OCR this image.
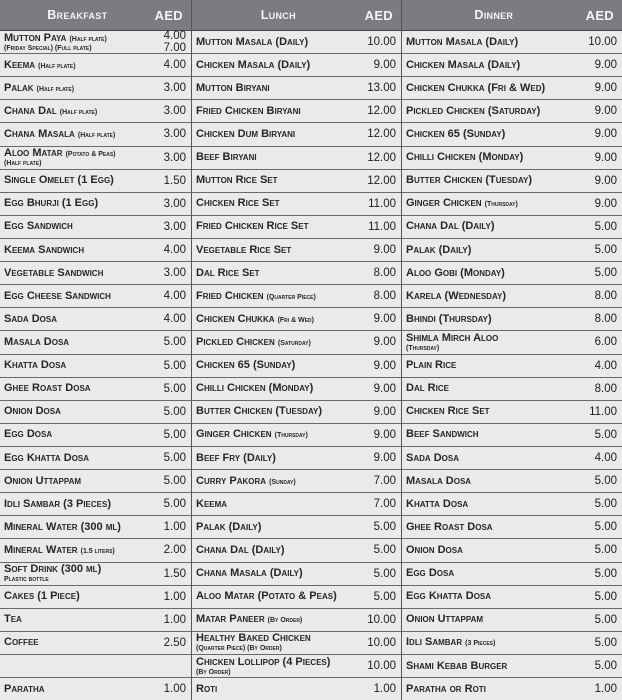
Breakfast	AED
Mutton Paya (Half plate)
(Friday Special) (Full plate)
4.00
7.00
Keema (Half plate)	4.00
Palak (Half plate)	3.00
Chana Dal (Half plate)	3.00
Chana Masala (Half plate)	3.00
Aloo Matar (Potato & Peas)
(Half plate)
3.00
Single Omelet (1 Egg)	1.50
Egg Bhurji (1 Egg)	3.00
Egg Sandwich	3.00
Keema Sandwich	4.00
Vegetable Sandwich	3.00
Egg Cheese Sandwich	4.00
Sada Dosa	4.00
Masala Dosa	5.00
Khatta Dosa	5.00
Ghee Roast Dosa	5.00
Onion Dosa	5.00
Egg Dosa	5.00
Egg Khatta Dosa	5.00
Onion Uttappam	5.00
Idli Sambar (3 Pieces)	5.00
Mineral Water (300 ml)	1.00
Mineral Water (1.5 liters)	2.00
Soft Drink (300 ml)
Plastic bottle
1.50
Cakes (1 Piece)	1.00
Tea	1.00
Coffee	2.50
Paratha	1.00
Lunch	AED
Mutton Masala (Daily)	10.00
Chicken Masala (Daily)	9.00
Mutton Biryani	13.00
Fried Chicken Biryani	12.00
Chicken Dum Biryani	12.00
Beef Biryani	12.00
Mutton Rice Set	12.00
Chicken Rice Set	11.00
Fried Chicken Rice Set	11.00
Vegetable Rice Set	9.00
Dal Rice Set	8.00
Fried Chicken (Quarter Piece)	8.00
Chicken Chukka (Fri & Wed)	9.00
Pickled Chicken (Saturday)	9.00
Chicken 65 (Sunday)	9.00
Chilli Chicken (Monday)	9.00
Butter Chicken (Tuesday)	9.00
Ginger Chicken (Thursday)	9.00
Beef Fry (Daily)	9.00
Curry Pakora (Sunday)	7.00
Keema	7.00
Palak (Daily)	5.00
Chana Dal (Daily)	5.00
Chana Masala (Daily)	5.00
Aloo Matar (Potato & Peas)	5.00
Matar Paneer (By Order)	10.00
Healthy Baked Chicken
(Quarter Piece) (By Order)
10.00
Chicken Lollipop (4 Pieces)
(By Order)
10.00
Roti	1.00
Dinner	AED
Mutton Masala (Daily)	10.00
Chicken Masala (Daily)	9.00
Chicken Chukka (Fri & Wed)	9.00
Pickled Chicken (Saturday)	9.00
Chicken 65 (Sunday)	9.00
Chilli Chicken (Monday)	9.00
Butter Chicken (Tuesday)	9.00
Ginger Chicken (Thursday)	9.00
Chana Dal (Daily)	5.00
Palak (Daily)	5.00
Aloo Gobi (Monday)	5.00
Karela (Wednesday)	8.00
Bhindi (Thursday)	8.00
Shimla Mirch Aloo
(Thursday)
6.00
Plain Rice	4.00
Dal Rice	8.00
Chicken Rice Set	11.00
Beef Sandwich	5.00
Sada Dosa	4.00
Masala Dosa	5.00
Khatta Dosa	5.00
Ghee Roast Dosa	5.00
Onion Dosa	5.00
Egg Dosa	5.00
Egg Khatta Dosa	5.00
Onion Uttappam	5.00
Idli Sambar (3 Pieces)	5.00
Shami Kebab Burger	5.00
Paratha or Roti	1.00
